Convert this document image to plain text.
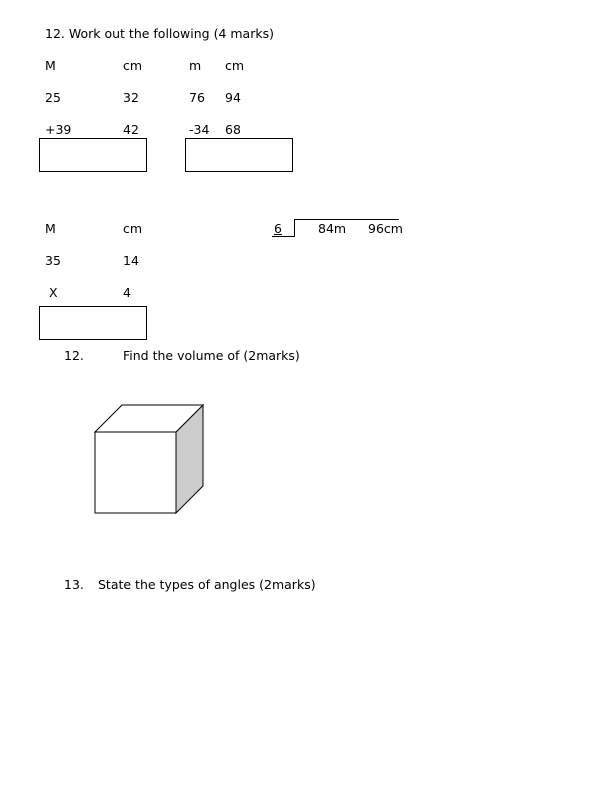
12. Work out the following (4 marks)
M	cm
25	32
+39	42
m cm
76 94
-34 68
M	cm
35	14
X	4
6	84m 96cm
12.	Find the volume of (2marks)
13. State the types of angles (2marks)
